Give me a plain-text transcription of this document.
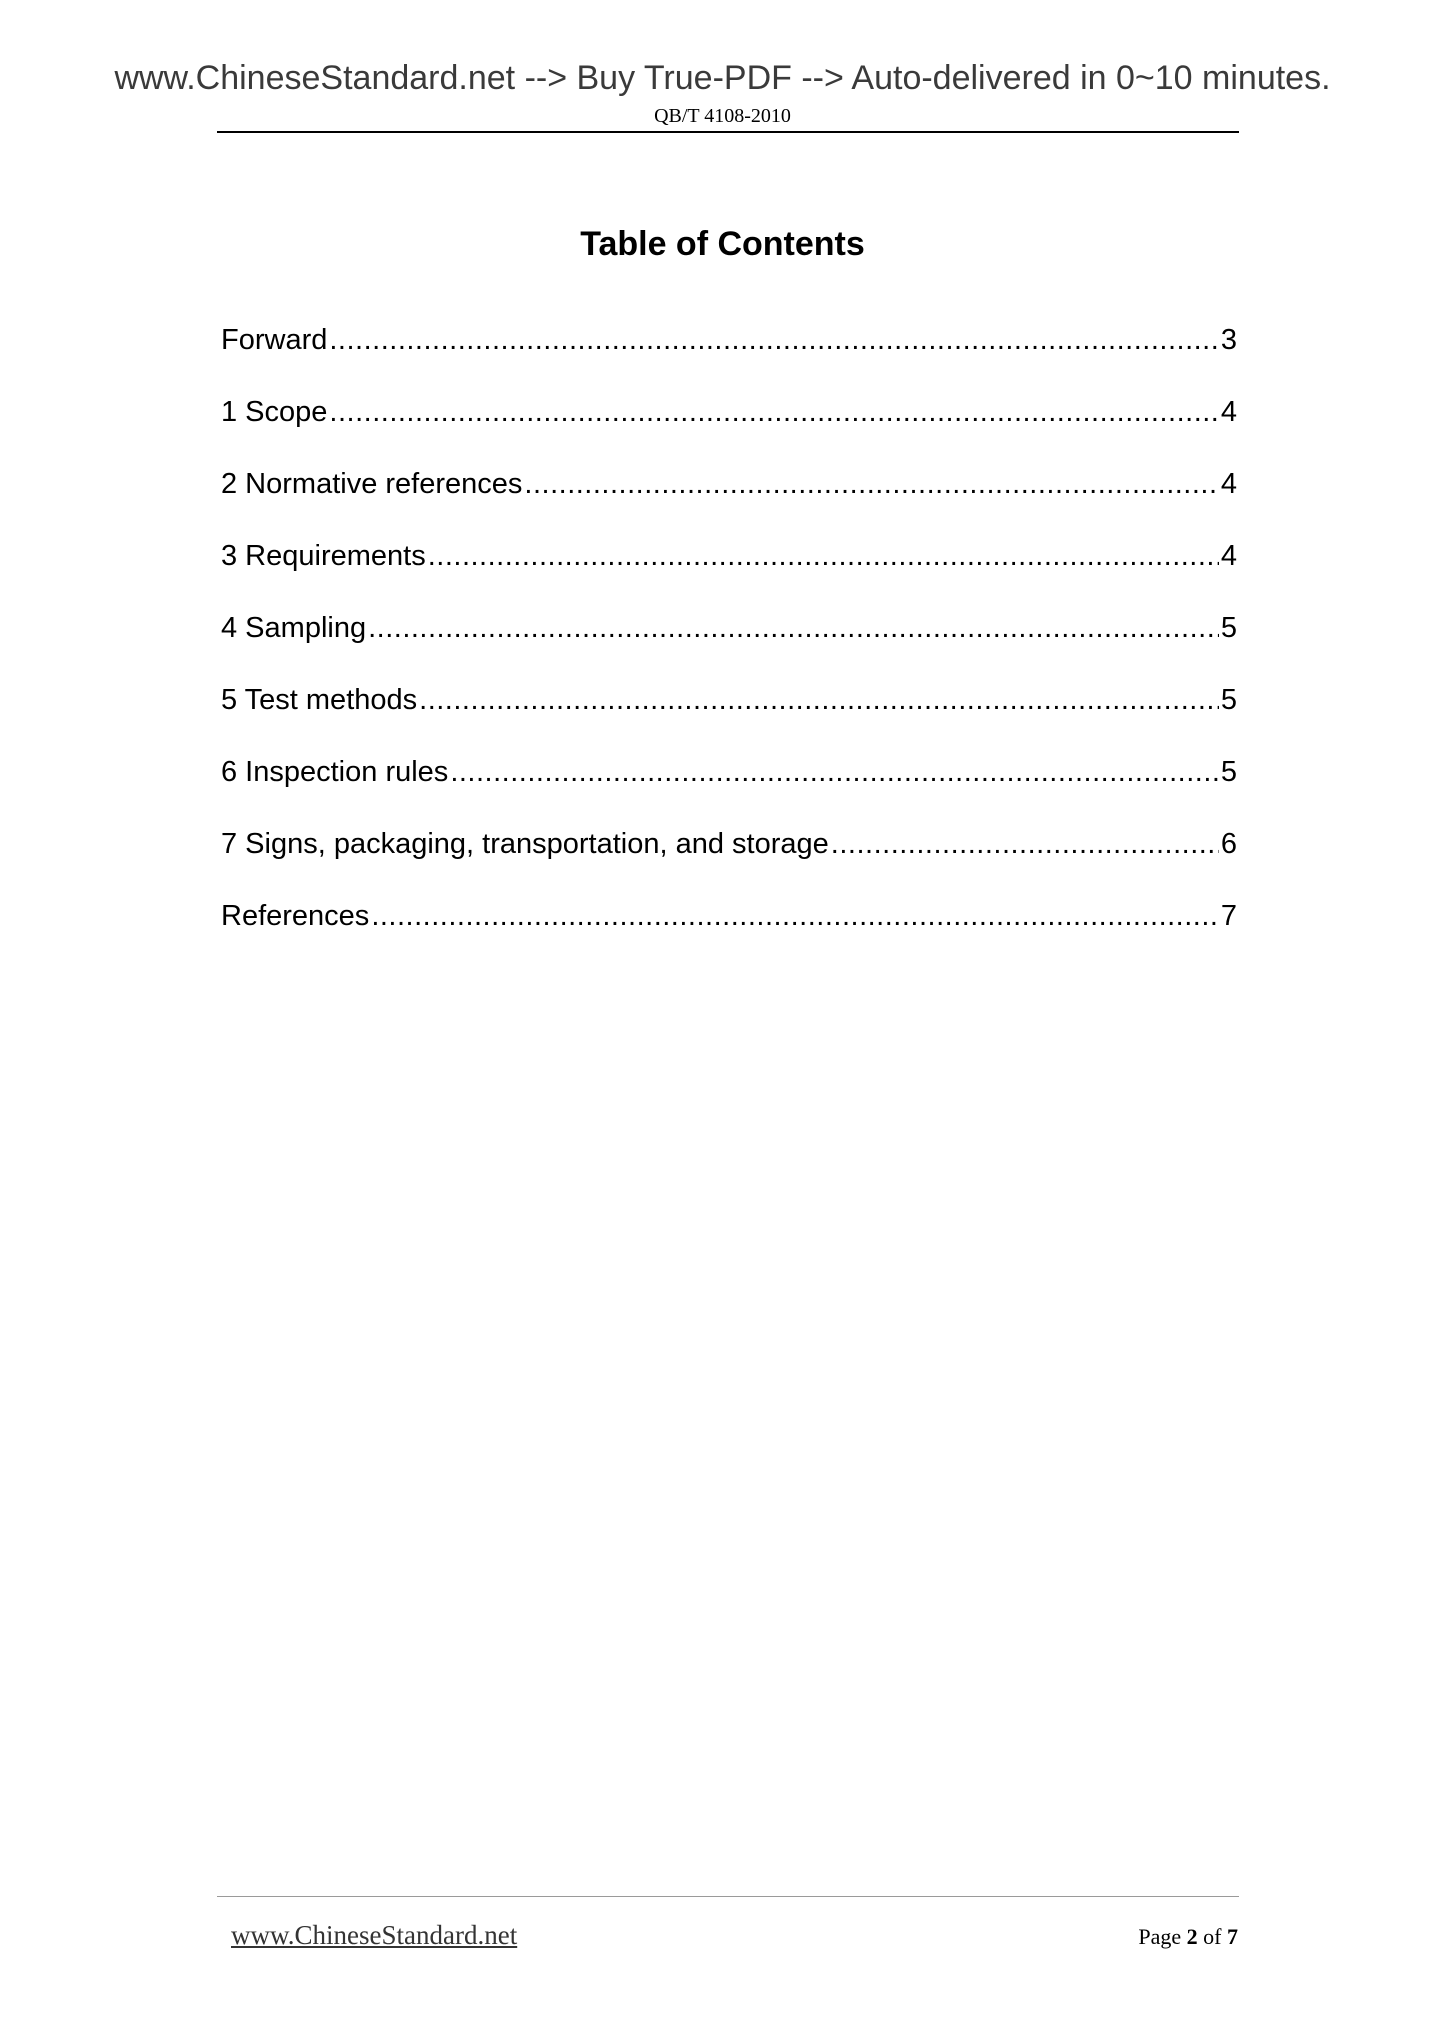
www.ChineseStandard.net --> Buy True-PDF --> Auto-delivered in 0~10 minutes.
QB/T 4108-2010
Table of Contents
Forward .....	3
1 Scope .....	4
2 Normative references .....	4
3 Requirements .....	4
4 Sampling .....	5
5 Test methods .....	5
6 Inspection rules .....	5
7 Signs, packaging, transportation, and storage .....	6
References .....	7
www.ChineseStandard.net	Page 2 of 7
